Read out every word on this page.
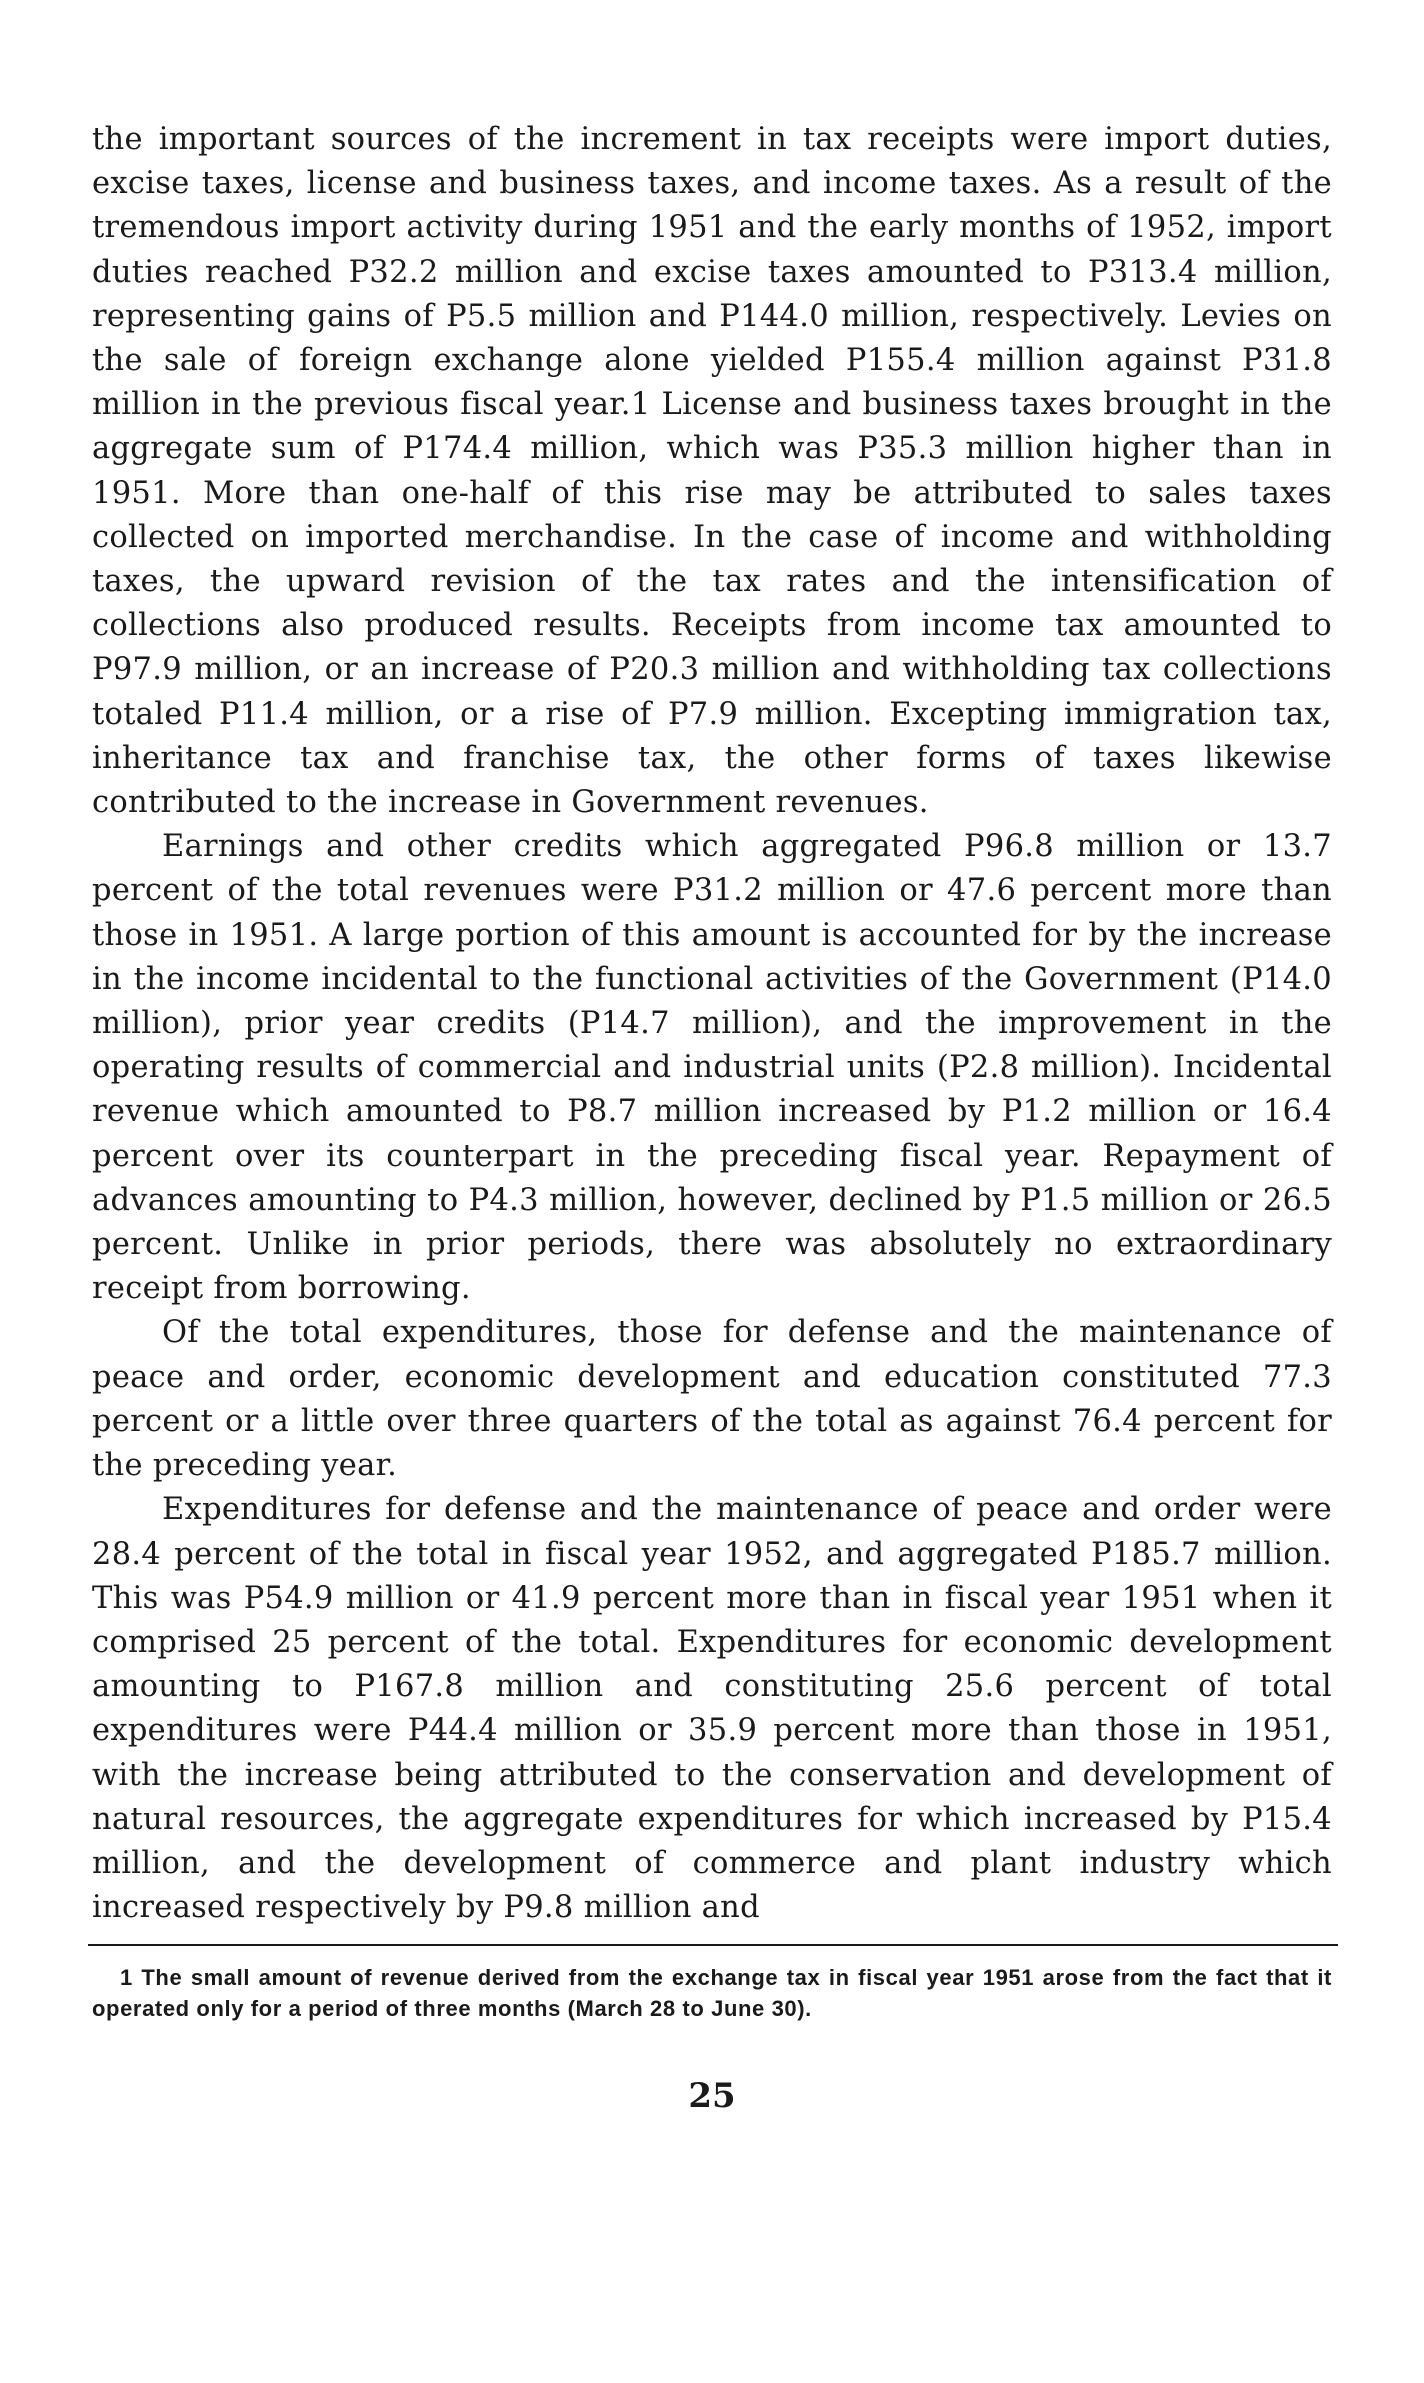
the important sources of the increment in tax receipts were import duties, excise taxes, license and business taxes, and income taxes. As a result of the tremendous import activity during 1951 and the early months of 1952, import duties reached P32.2 million and excise taxes amounted to P313.4 million, representing gains of P5.5 million and P144.0 million, respectively. Levies on the sale of foreign exchange alone yielded P155.4 million against P31.8 million in the previous fiscal year.1 License and business taxes brought in the aggregate sum of P174.4 million, which was P35.3 million higher than in 1951. More than one-half of this rise may be attributed to sales taxes collected on imported merchandise. In the case of income and withholding taxes, the upward revision of the tax rates and the intensification of collections also produced results. Receipts from income tax amounted to P97.9 million, or an increase of P20.3 million and withholding tax collections totaled P11.4 million, or a rise of P7.9 million. Excepting immigration tax, inheritance tax and franchise tax, the other forms of taxes likewise contributed to the increase in Government revenues.

Earnings and other credits which aggregated P96.8 million or 13.7 percent of the total revenues were P31.2 million or 47.6 percent more than those in 1951. A large portion of this amount is accounted for by the increase in the income incidental to the functional activities of the Government (P14.0 million), prior year credits (P14.7 million), and the improvement in the operating results of commercial and industrial units (P2.8 million). Incidental revenue which amounted to P8.7 million increased by P1.2 million or 16.4 percent over its counterpart in the preceding fiscal year. Repayment of advances amounting to P4.3 million, however, declined by P1.5 million or 26.5 percent. Unlike in prior periods, there was absolutely no extraordinary receipt from borrowing.

Of the total expenditures, those for defense and the maintenance of peace and order, economic development and education constituted 77.3 percent or a little over three quarters of the total as against 76.4 percent for the preceding year.

Expenditures for defense and the maintenance of peace and order were 28.4 percent of the total in fiscal year 1952, and aggregated P185.7 million. This was P54.9 million or 41.9 percent more than in fiscal year 1951 when it comprised 25 percent of the total. Expenditures for economic development amounting to P167.8 million and constituting 25.6 percent of total expenditures were P44.4 million or 35.9 percent more than those in 1951, with the increase being attributed to the conservation and development of natural resources, the aggregate expenditures for which increased by P15.4 million, and the development of commerce and plant industry which increased respectively by P9.8 million and

1 The small amount of revenue derived from the exchange tax in fiscal year 1951 arose from the fact that it operated only for a period of three months (March 28 to June 30).

25
